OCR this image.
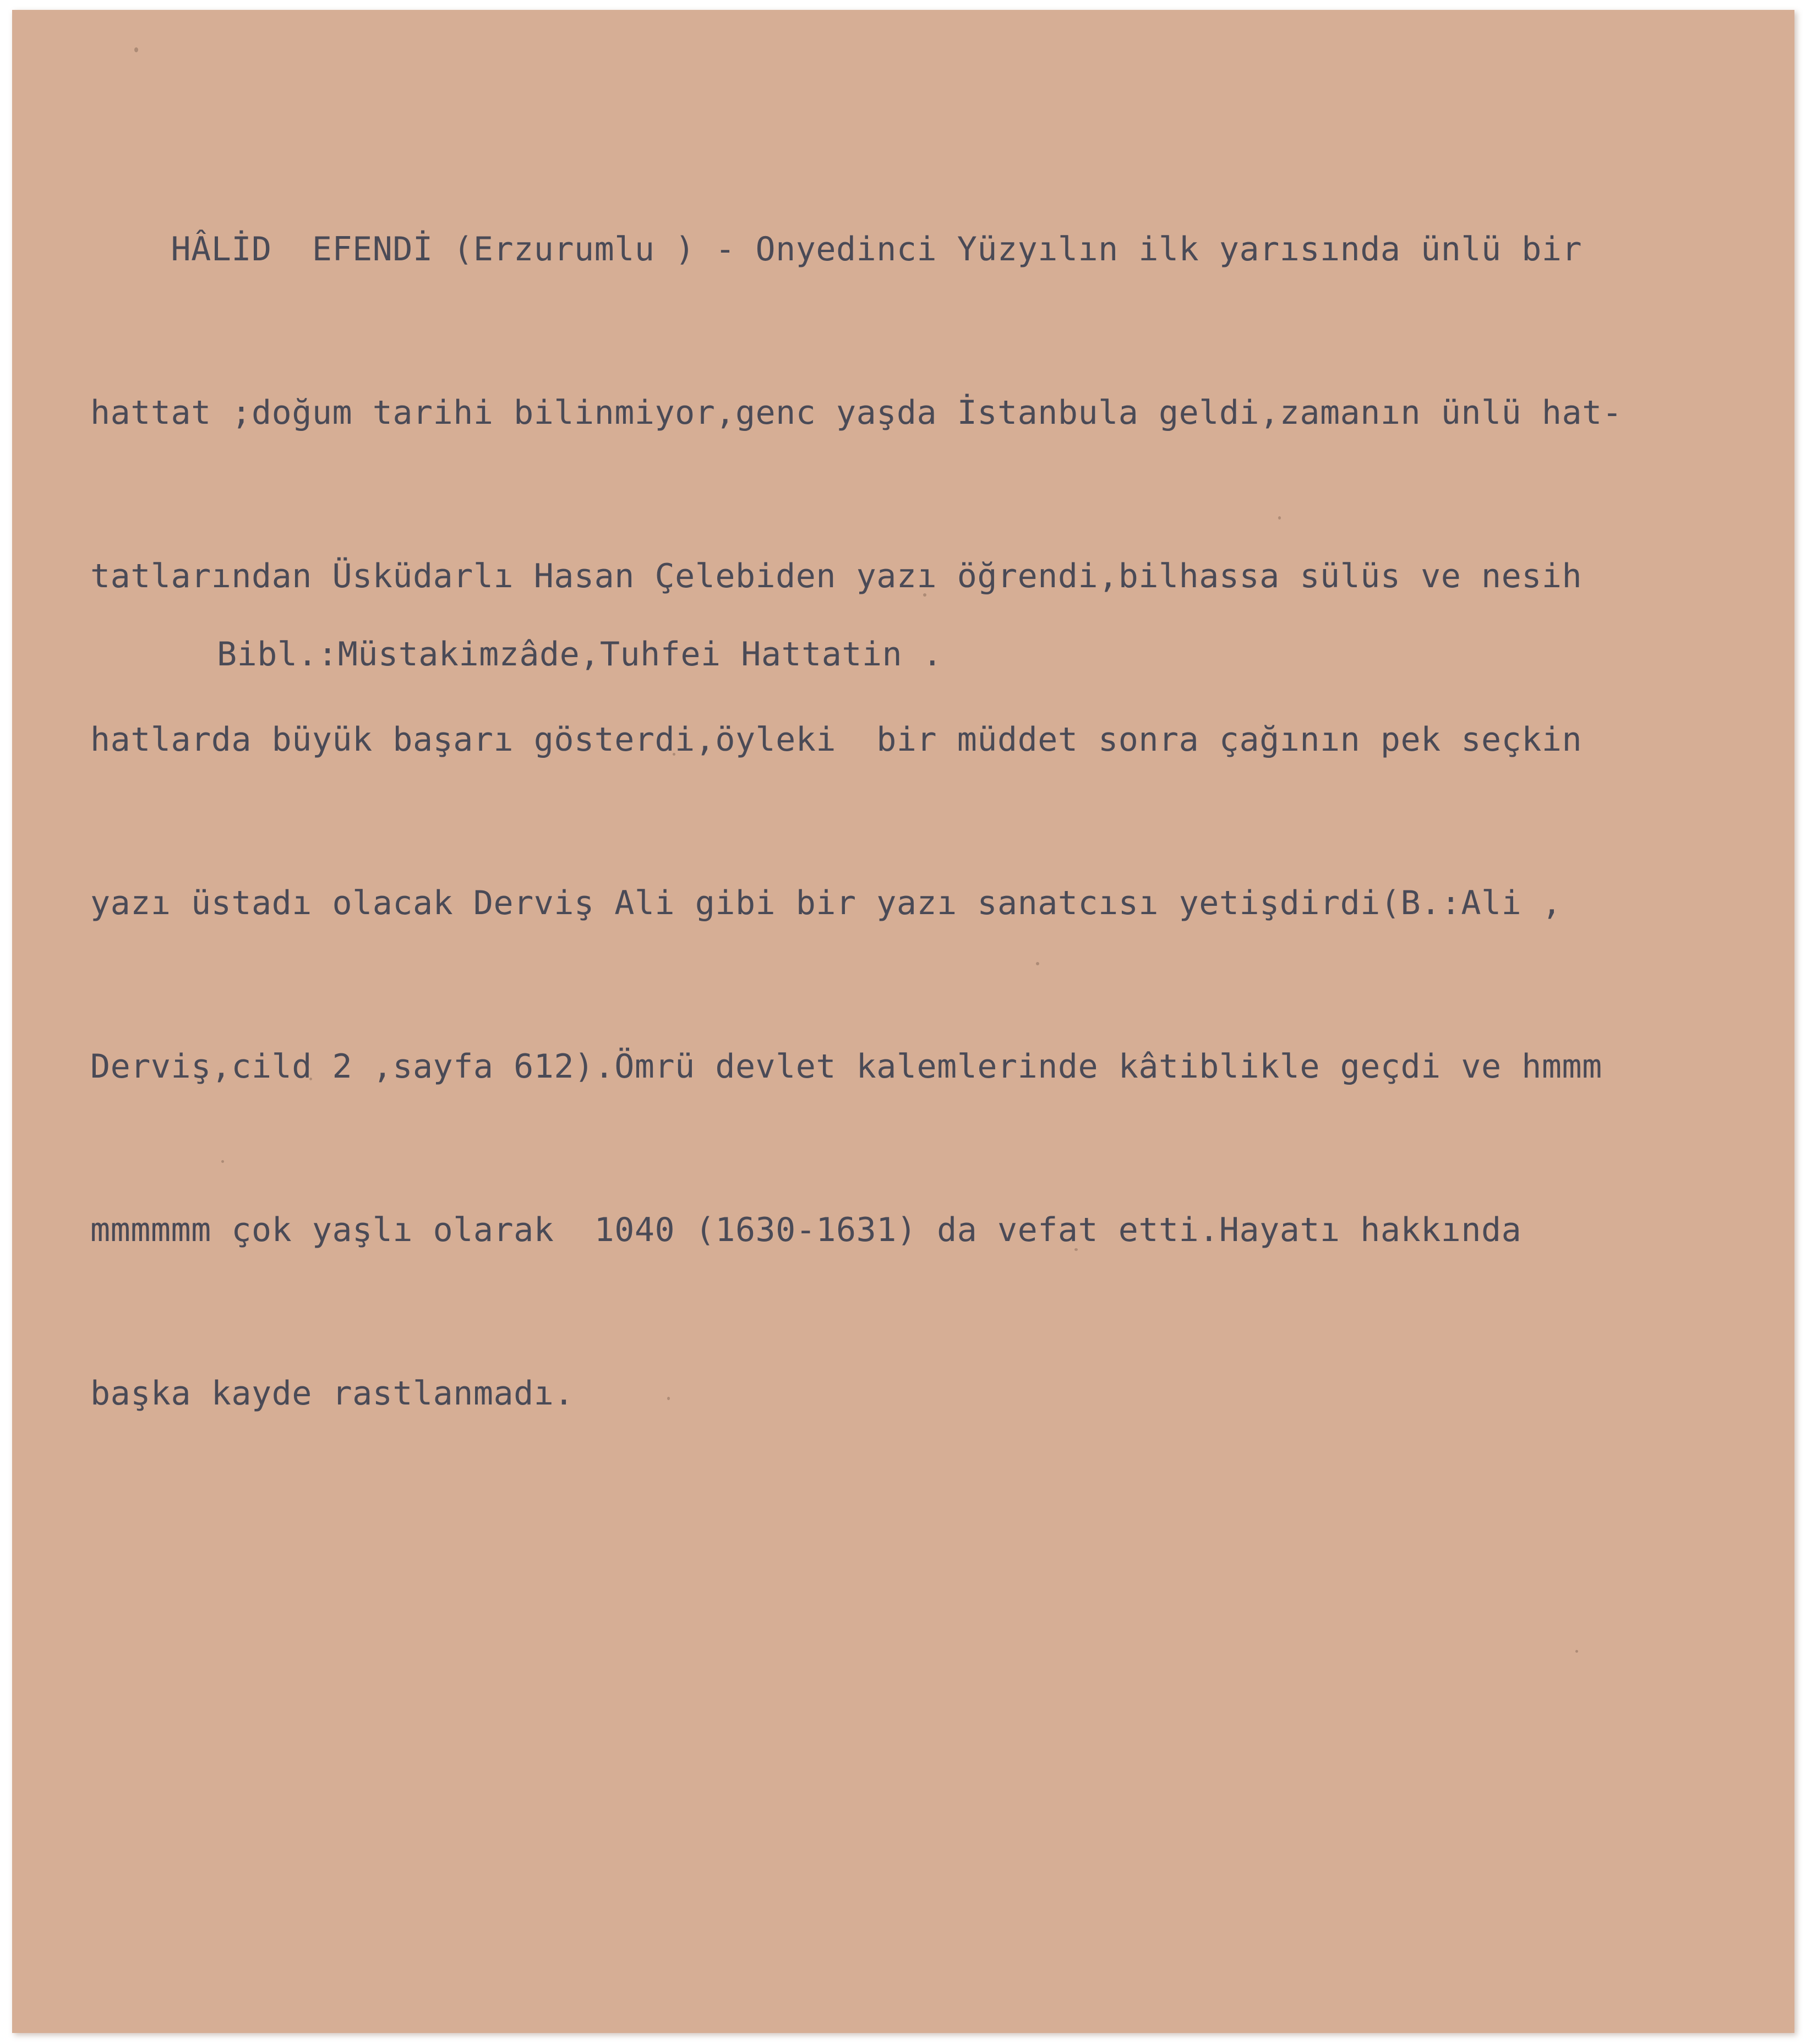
HÂLİD  EFENDİ (Erzurumlu ) - Onyedinci Yüzyılın ilk yarısında ünlü bir

hattat ;doğum tarihi bilinmiyor,genc yaşda İstanbula geldi,zamanın ünlü hat-

tatlarından Üsküdarlı Hasan Çelebiden yazı öğrendi,bilhassa sülüs ve nesih

hatlarda büyük başarı gösterdi,öyleki  bir müddet sonra çağının pek seçkin

yazı üstadı olacak Derviş Ali gibi bir yazı sanatcısı yetişdirdi(B.:Ali ,

Derviş,cild 2 ,sayfa 612).Ömrü devlet kalemlerinde kâtiblikle geçdi ve hmmm

mmmmmm çok yaşlı olarak  1040 (1630-1631) da vefat etti.Hayatı hakkında

başka kayde rastlanmadı.

Bibl.:Müstakimzâde,Tuhfei Hattatin .
